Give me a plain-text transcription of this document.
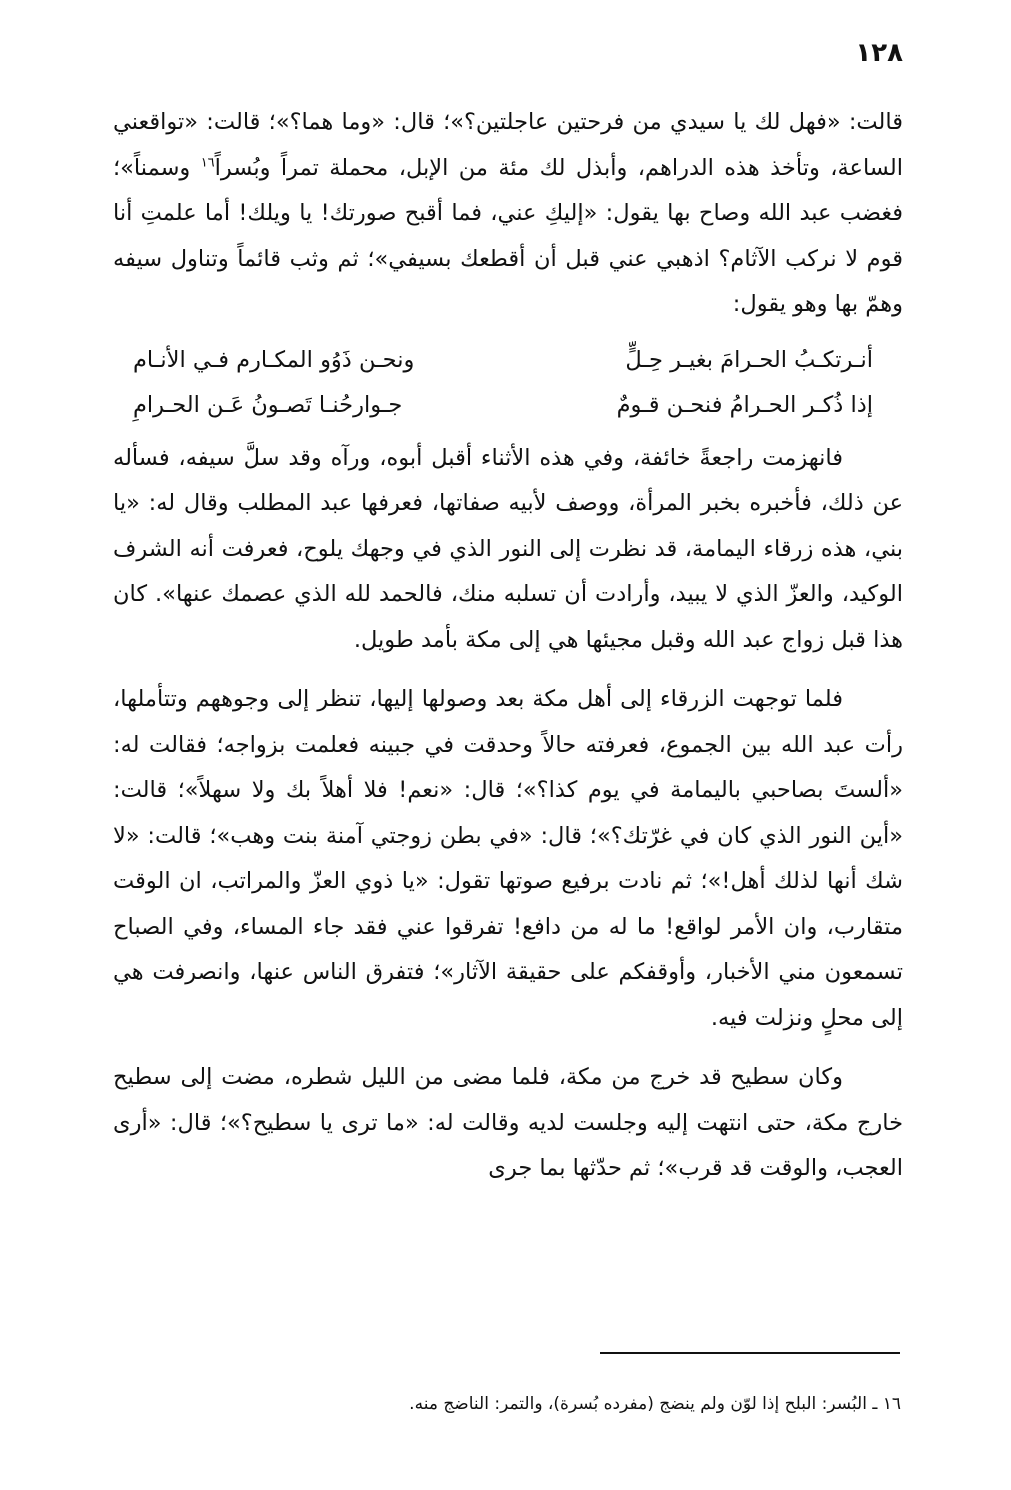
١٢٨

قالت: «فهل لك يا سيدي من فرحتين عاجلتين؟»؛ قال: «وما هما؟»؛ قالت: «تواقعني الساعة، وتأخذ هذه الدراهم، وأبذل لك مئة من الإبل، محملة تمراً وبُسراً$^{١٦}$ وسمناً»؛ فغضب عبد الله وصاح بها يقول: «إليكِ عني، فما أقبح صورتك! يا ويلك! أما علمتِ أنا قوم لا نركب الآثام؟ اذهبي عني قبل أن أقطعك بسيفي»؛ ثم وثب قائماً وتناول سيفه وهمّ بها وهو يقول:

أنـرتكـبُ الحـرامَ بغيـر حِـلٍّ
ونحـن ذَوُو المكـارم فـي الأنـام
إذا ذُكـر الحـرامُ فنحـن قـومٌ
جـوارحُنـا تَصـونُ عَـن الحـرامِ

فانهزمت راجعةً خائفة، وفي هذه الأثناء أقبل أبوه، ورآه وقد سلَّ سيفه، فسأله عن ذلك، فأخبره بخبر المرأة، ووصف لأبيه صفاتها، فعرفها عبد المطلب وقال له: «يا بني، هذه زرقاء اليمامة، قد نظرت إلى النور الذي في وجهك يلوح، فعرفت أنه الشرف الوكيد، والعزّ الذي لا يبيد، وأرادت أن تسلبه منك، فالحمد لله الذي عصمك عنها». كان هذا قبل زواج عبد الله وقبل مجيئها هي إلى مكة بأمد طويل.

فلما توجهت الزرقاء إلى أهل مكة بعد وصولها إليها، تنظر إلى وجوههم وتتأملها، رأت عبد الله بين الجموع، فعرفته حالاً وحدقت في جبينه فعلمت بزواجه؛ فقالت له: «ألستَ بصاحبي باليمامة في يوم كذا؟»؛ قال: «نعم! فلا أهلاً بك ولا سهلاً»؛ قالت: «أين النور الذي كان في غرّتك؟»؛ قال: «في بطن زوجتي آمنة بنت وهب»؛ قالت: «لا شك أنها لذلك أهل!»؛ ثم نادت برفيع صوتها تقول: «يا ذوي العزّ والمراتب، ان الوقت متقارب، وان الأمر لواقع! ما له من دافع! تفرقوا عني فقد جاء المساء، وفي الصباح تسمعون مني الأخبار، وأوقفكم على حقيقة الآثار»؛ فتفرق الناس عنها، وانصرفت هي إلى محلٍ ونزلت فيه.

وكان سطيح قد خرج من مكة، فلما مضى من الليل شطره، مضت إلى سطيح خارج مكة، حتى انتهت إليه وجلست لديه وقالت له: «ما ترى يا سطيح؟»؛ قال: «أرى العجب، والوقت قد قرب»؛ ثم حدّثها بما جرى

١٦ ـ البُسر: البلح إذا لوّن ولم ينضج (مفرده بُسرة)، والتمر: الناضج منه.
